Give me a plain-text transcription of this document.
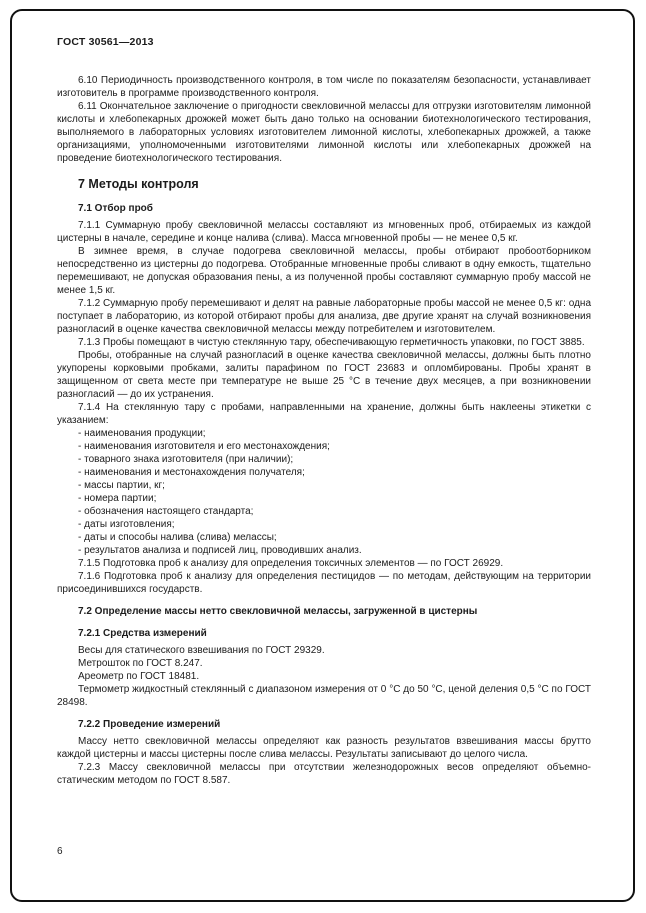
ГОСТ 30561—2013
6.10 Периодичность производственного контроля, в том числе по показателям безопасности, устанавливает изготовитель в программе производственного контроля.
6.11 Окончательное заключение о пригодности свекловичной мелассы для отгрузки изготовителям лимонной кислоты и хлебопекарных дрожжей может быть дано только на основании биотехнологического тестирования, выполняемого в лабораторных условиях изготовителем лимонной кислоты, хлебопекарных дрожжей, а также организациями, уполномоченными изготовителями лимонной кислоты или хлебопекарных дрожжей на проведение биотехнологического тестирования.
7 Методы контроля
7.1 Отбор проб
7.1.1 Суммарную пробу свекловичной мелассы составляют из мгновенных проб, отбираемых из каждой цистерны в начале, середине и конце налива (слива). Масса мгновенной пробы — не менее 0,5 кг.
В зимнее время, в случае подогрева свекловичной мелассы, пробы отбирают пробоотборником непосредственно из цистерны до подогрева. Отобранные мгновенные пробы сливают в одну емкость, тщательно перемешивают, не допуская образования пены, а из полученной пробы составляют суммарную пробу массой не менее 1,5 кг.
7.1.2 Суммарную пробу перемешивают и делят на равные лабораторные пробы массой не менее 0,5 кг: одна поступает в лабораторию, из которой отбирают пробы для анализа, две другие хранят на случай возникновения разногласий в оценке качества свекловичной мелассы между потребителем и изготовителем.
7.1.3 Пробы помещают в чистую стеклянную тару, обеспечивающую герметичность упаковки, по ГОСТ 3885.
Пробы, отобранные на случай разногласий в оценке качества свекловичной мелассы, должны быть плотно укупорены корковыми пробками, залиты парафином по ГОСТ 23683 и опломбированы. Пробы хранят в защищенном от света месте при температуре не выше 25 °С в течение двух месяцев, а при возникновении разногласий — до их устранения.
7.1.4 На стеклянную тару с пробами, направленными на хранение, должны быть наклеены этикетки с указанием:
- наименования продукции;
- наименования изготовителя и его местонахождения;
- товарного знака изготовителя (при наличии);
- наименования и местонахождения получателя;
- массы партии, кг;
- номера партии;
- обозначения настоящего стандарта;
- даты изготовления;
- даты и способы налива (слива) мелассы;
- результатов анализа и подписей лиц, проводивших анализ.
7.1.5 Подготовка проб к анализу для определения токсичных элементов — по ГОСТ 26929.
7.1.6 Подготовка проб к анализу для определения пестицидов — по методам, действующим на территории присоединившихся государств.
7.2 Определение массы нетто свекловичной мелассы, загруженной в цистерны
7.2.1 Средства измерений
Весы для статического взвешивания по ГОСТ 29329.
Метрошток по ГОСТ 8.247.
Ареометр по ГОСТ 18481.
Термометр жидкостный стеклянный с диапазоном измерения от 0 °С до 50 °С, ценой деления 0,5 °С по ГОСТ 28498.
7.2.2 Проведение измерений
Массу нетто свекловичной мелассы определяют как разность результатов взвешивания массы брутто каждой цистерны и массы цистерны после слива мелассы. Результаты записывают до целого числа.
7.2.3 Массу свекловичной мелассы при отсутствии железнодорожных весов определяют объемно-статическим методом по ГОСТ 8.587.
6
